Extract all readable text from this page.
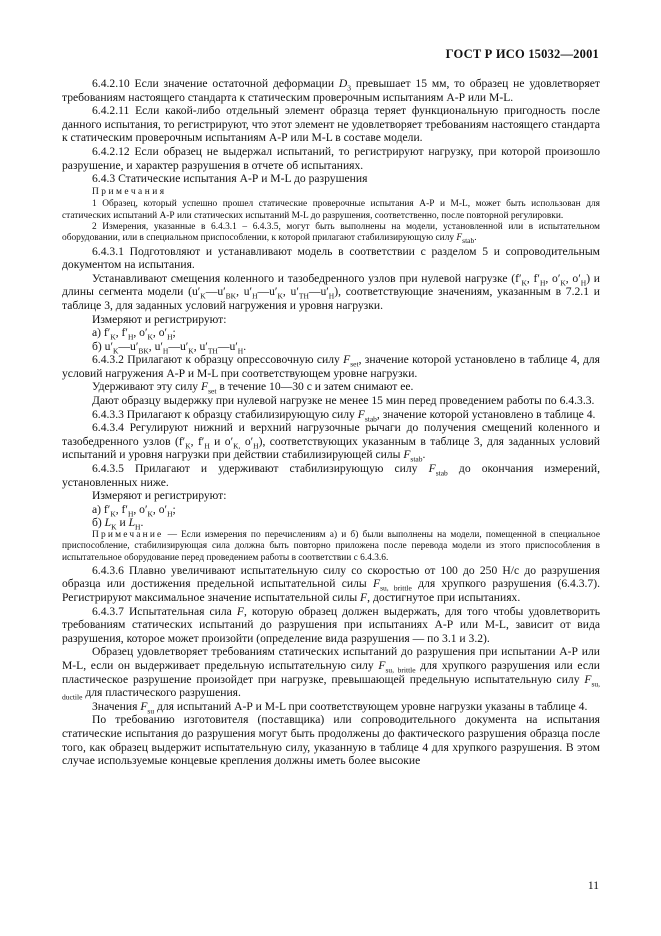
ГОСТ Р ИСО 15032—2001

6.4.2.10 Если значение остаточной деформации $D_3$ превышает 15 мм, то образец не удовлетворяет требованиям настоящего стандарта к статическим проверочным испытаниям А-Р или М-L.

6.4.2.11 Если какой-либо отдельный элемент образца теряет функциональную пригодность после данного испытания, то регистрируют, что этот элемент не удовлетворяет требованиям настоящего стандарта к статическим проверочным испытаниям А-Р или М-L в составе модели.

6.4.2.12 Если образец не выдержал испытаний, то регистрируют нагрузку, при которой произошло разрушение, и характер разрушения в отчете об испытаниях.

6.4.3 Статические испытания А-Р и М-L до разрушения

Примечания

1 Образец, который успешно прошел статические проверочные испытания А-Р и М-L, может быть использован для статических испытаний А-Р или статических испытаний М-L до разрушения, соответственно, после повторной регулировки.

2 Измерения, указанные в 6.4.3.1 – 6.4.3.5, могут быть выполнены на модели, установленной или в испытательном оборудовании, или в специальном приспособлении, к которой прилагают стабилизирующую силу $F_{stab}$.

6.4.3.1 Подготовляют и устанавливают модель в соответствии с разделом 5 и сопроводительным документом на испытания.

Устанавливают смещения коленного и тазобедренного узлов при нулевой нагрузке ($f'_K$, $f'_H$, $o'_K$, $o'_H$) и длины сегмента модели ($u'_K—u'_{BK}$, $u'_H—u'_K$, $u'_{TH}—u'_H$), соответствующие значениям, указанным в 7.2.1 и таблице 3, для заданных условий нагружения и уровня нагрузки.

Измеряют и регистрируют:

а) $f'_K$, $f'_H$, $o'_K$, $o'_H$;

б) $u'_K—u'_{BK}$, $u'_H—u'_K$, $u'_{TH}—u'_H$.

6.4.3.2 Прилагают к образцу опрессовочную силу $F_{set}$, значение которой установлено в таблице 4, для условий нагружения А-Р и М-L при соответствующем уровне нагрузки.

Удерживают эту силу $F_{set}$ в течение 10—30 с и затем снимают ее.

Дают образцу выдержку при нулевой нагрузке не менее 15 мин перед проведением работы по 6.4.3.3.

6.4.3.3 Прилагают к образцу стабилизирующую силу $F_{stab}$, значение которой установлено в таблице 4.

6.4.3.4 Регулируют нижний и верхний нагрузочные рычаги до получения смещений коленного и тазобедренного узлов ($f'_K$, $f'_H$ и $o'_{K,}$ $o'_H$), соответствующих указанным в таблице 3, для заданных условий испытаний и уровня нагрузки при действии стабилизирующей силы $F_{stab}$.

6.4.3.5 Прилагают и удерживают стабилизирующую силу $F_{stab}$ до окончания измерений, установленных ниже.

Измеряют и регистрируют:

а) $f'_K$, $f'_H$, $o'_K$, $o'_H$;

б) $L_K$ и $L_H$.

Примечание — Если измерения по перечислениям а) и б) были выполнены на модели, помещенной в специальное приспособление, стабилизирующая сила должна быть повторно приложена после перевода модели из этого приспособления в испытательное оборудование перед проведением работы в соответствии с 6.4.3.6.

6.4.3.6 Плавно увеличивают испытательную силу со скоростью от 100 до 250 Н/с до разрушения образца или достижения предельной испытательной силы $F_{su, brittle}$ для хрупкого разрушения (6.4.3.7). Регистрируют максимальное значение испытательной силы F, достигнутое при испытаниях.

6.4.3.7 Испытательная сила F, которую образец должен выдержать, для того чтобы удовлетворить требованиям статических испытаний до разрушения при испытаниях А-Р или М-L, зависит от вида разрушения, которое может произойти (определение вида разрушения — по 3.1 и 3.2).

Образец удовлетворяет требованиям статических испытаний до разрушения при испытании А-Р или М-L, если он выдерживает предельную испытательную силу $F_{su, brittle}$ для хрупкого разрушения или если пластическое разрушение произойдет при нагрузке, превышающей предельную испытательную силу $F_{su, ductile}$ для пластического разрушения.

Значения $F_{su}$ для испытаний А-Р и М-L при соответствующем уровне нагрузки указаны в таблице 4.

По требованию изготовителя (поставщика) или сопроводительного документа на испытания статические испытания до разрушения могут быть продолжены до фактического разрушения образца после того, как образец выдержит испытательную силу, указанную в таблице 4 для хрупкого разрушения. В этом случае используемые концевые крепления должны иметь более высокие

11
